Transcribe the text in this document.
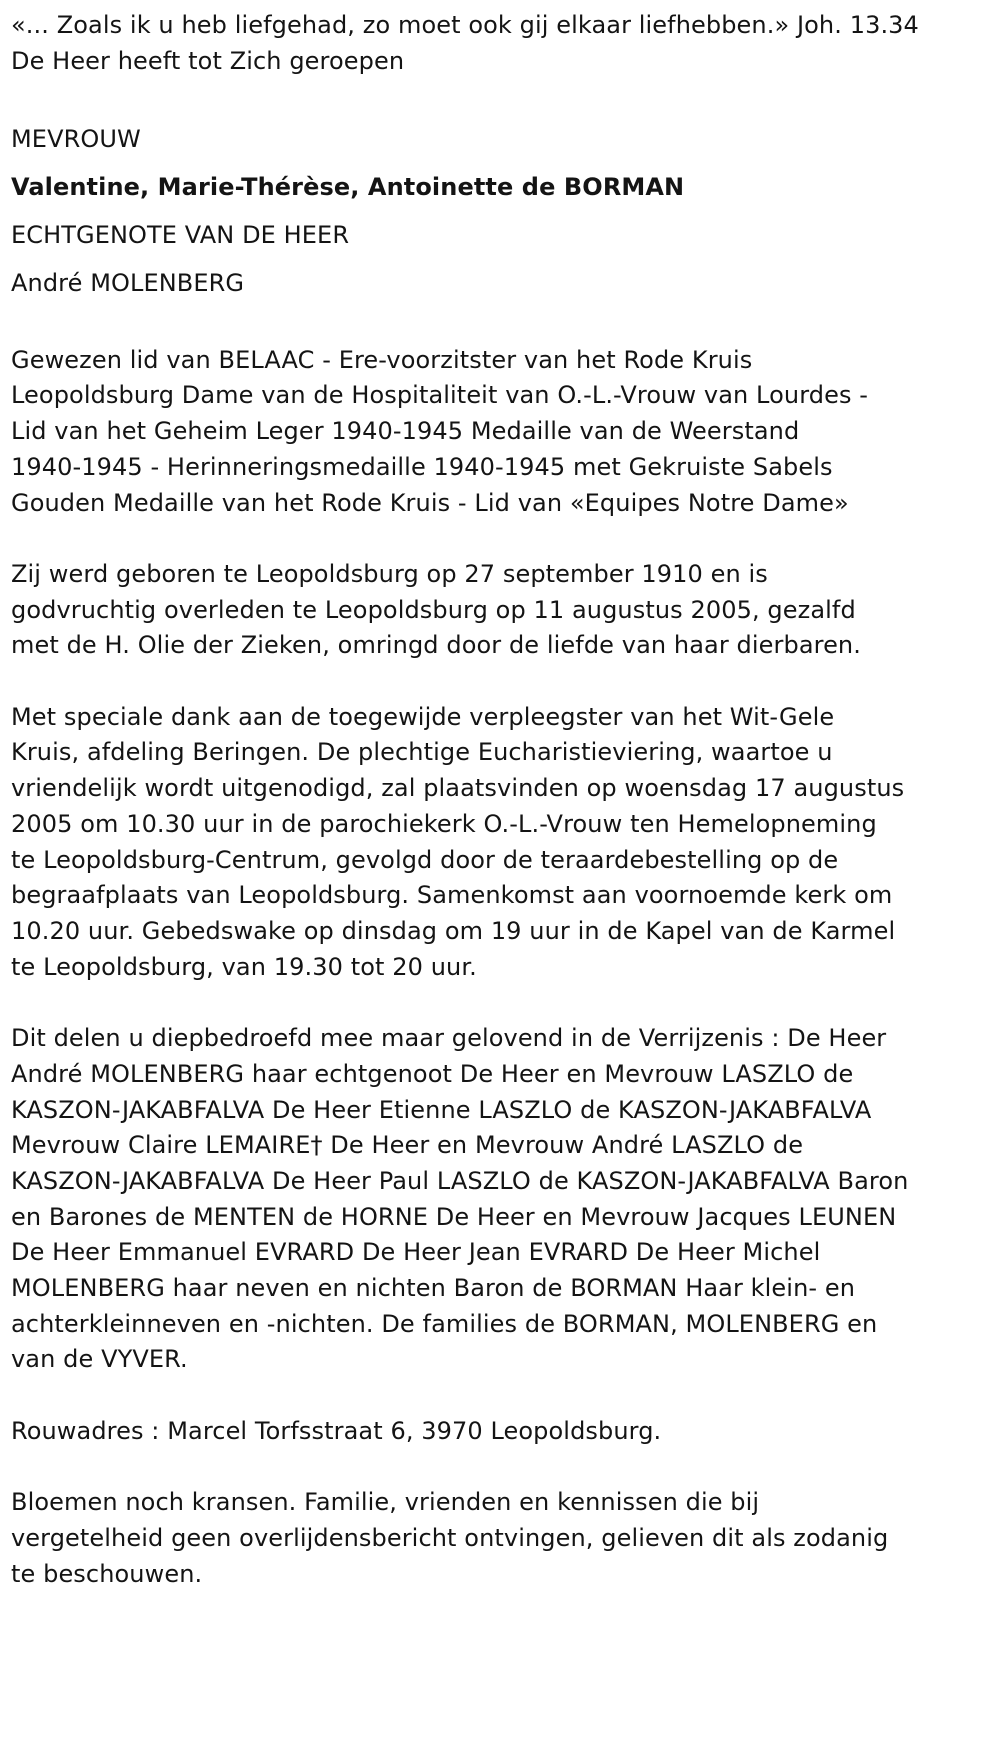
«... Zoals ik u heb liefgehad, zo moet ook gij elkaar liefhebben.» Joh. 13.34
De Heer heeft tot Zich geroepen
MEVROUW
Valentine, Marie-Thérèse, Antoinette de BORMAN
ECHTGENOTE VAN DE HEER
André MOLENBERG
Gewezen lid van BELAAC - Ere-voorzitster van het Rode Kruis
Leopoldsburg Dame van de Hospitaliteit van O.-L.-Vrouw van Lourdes -
Lid van het Geheim Leger 1940-1945 Medaille van de Weerstand
1940-1945 - Herinneringsmedaille 1940-1945 met Gekruiste Sabels
Gouden Medaille van het Rode Kruis - Lid van «Equipes Notre Dame»
Zij werd geboren te Leopoldsburg op 27 september 1910 en is
godvruchtig overleden te Leopoldsburg op 11 augustus 2005, gezalfd
met de H. Olie der Zieken, omringd door de liefde van haar dierbaren.
Met speciale dank aan de toegewijde verpleegster van het Wit-Gele
Kruis, afdeling Beringen. De plechtige Eucharistieviering, waartoe u
vriendelijk wordt uitgenodigd, zal plaatsvinden op woensdag 17 augustus
2005 om 10.30 uur in de parochiekerk O.-L.-Vrouw ten Hemelopneming
te Leopoldsburg-Centrum, gevolgd door de teraardebestelling op de
begraafplaats van Leopoldsburg. Samenkomst aan voornoemde kerk om
10.20 uur. Gebedswake op dinsdag om 19 uur in de Kapel van de Karmel
te Leopoldsburg, van 19.30 tot 20 uur.
Dit delen u diepbedroefd mee maar gelovend in de Verrijzenis : De Heer
André MOLENBERG haar echtgenoot De Heer en Mevrouw LASZLO de
KASZON-JAKABFALVA De Heer Etienne LASZLO de KASZON-JAKABFALVA
Mevrouw Claire LEMAIRE† De Heer en Mevrouw André LASZLO de
KASZON-JAKABFALVA De Heer Paul LASZLO de KASZON-JAKABFALVA Baron
en Barones de MENTEN de HORNE De Heer en Mevrouw Jacques LEUNEN
De Heer Emmanuel EVRARD De Heer Jean EVRARD De Heer Michel
MOLENBERG haar neven en nichten Baron de BORMAN Haar klein- en
achterkleinneven en -nichten. De families de BORMAN, MOLENBERG en
van de VYVER.
Rouwadres : Marcel Torfsstraat 6, 3970 Leopoldsburg.
Bloemen noch kransen. Familie, vrienden en kennissen die bij
vergetelheid geen overlijdensbericht ontvingen, gelieven dit als zodanig
te beschouwen.
